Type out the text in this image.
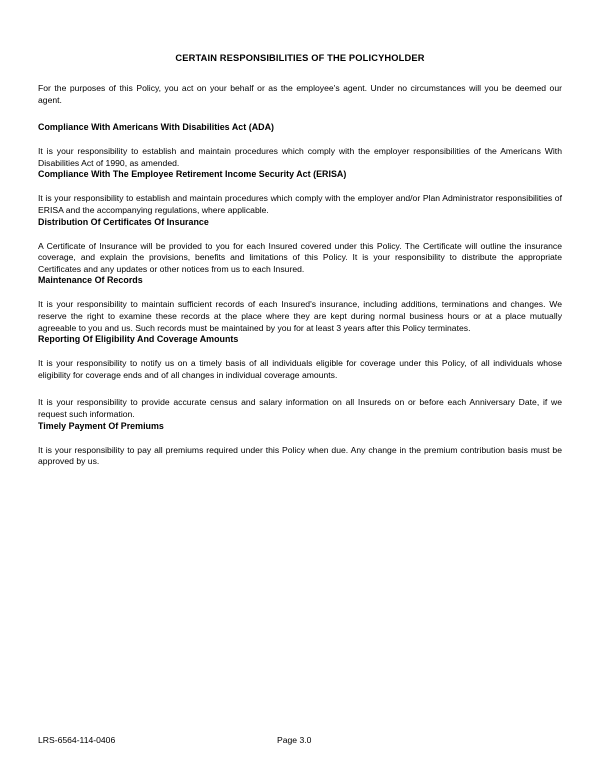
CERTAIN RESPONSIBILITIES OF THE POLICYHOLDER

For the purposes of this Policy, you act on your behalf or as the employee's agent. Under no circumstances will you be deemed our agent.

Compliance With Americans With Disabilities Act (ADA)

It is your responsibility to establish and maintain procedures which comply with the employer responsibilities of the Americans With Disabilities Act of 1990, as amended.

Compliance With The Employee Retirement Income Security Act (ERISA)

It is your responsibility to establish and maintain procedures which comply with the employer and/or Plan Administrator responsibilities of ERISA and the accompanying regulations, where applicable.

Distribution Of Certificates Of Insurance

A Certificate of Insurance will be provided to you for each Insured covered under this Policy. The Certificate will outline the insurance coverage, and explain the provisions, benefits and limitations of this Policy. It is your responsibility to distribute the appropriate Certificates and any updates or other notices from us to each Insured.

Maintenance Of Records

It is your responsibility to maintain sufficient records of each Insured's insurance, including additions, terminations and changes. We reserve the right to examine these records at the place where they are kept during normal business hours or at a place mutually agreeable to you and us. Such records must be maintained by you for at least 3 years after this Policy terminates.

Reporting Of Eligibility And Coverage Amounts

It is your responsibility to notify us on a timely basis of all individuals eligible for coverage under this Policy, of all individuals whose eligibility for coverage ends and of all changes in individual coverage amounts.

It is your responsibility to provide accurate census and salary information on all Insureds on or before each Anniversary Date, if we request such information.

Timely Payment Of Premiums

It is your responsibility to pay all premiums required under this Policy when due. Any change in the premium contribution basis must be approved by us.

LRS-6564-114-0406	Page 3.0
